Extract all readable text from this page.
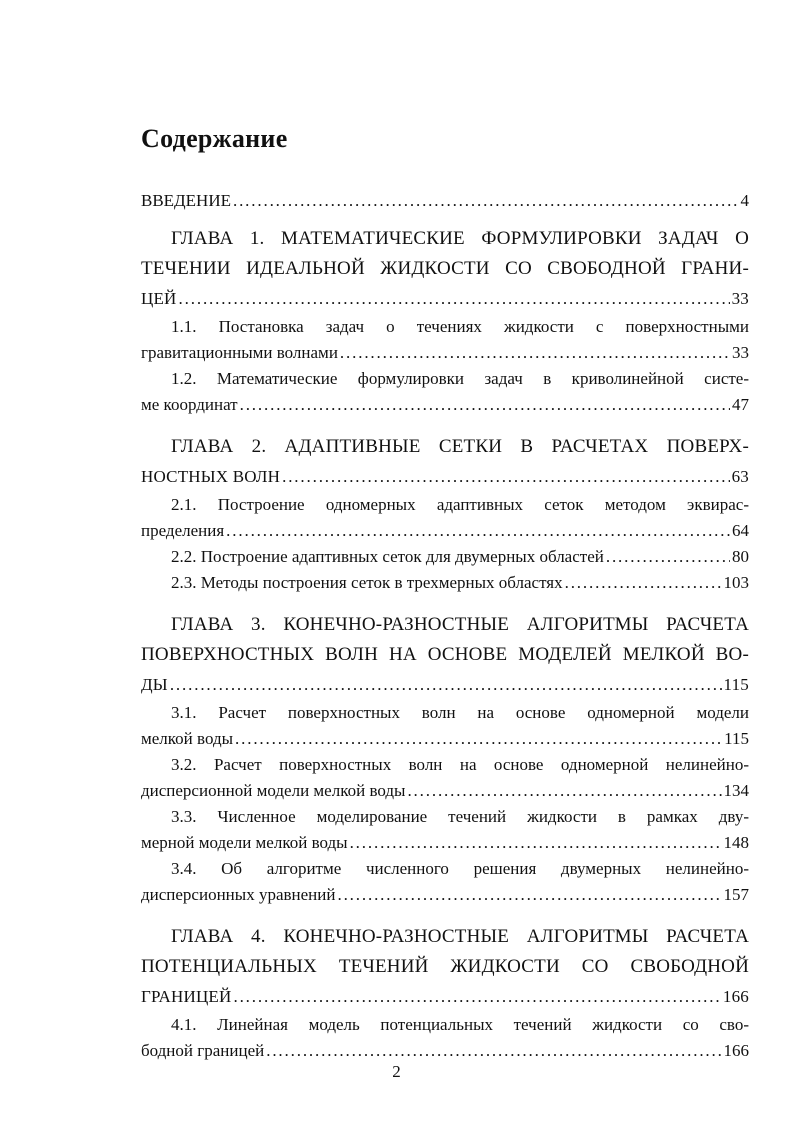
Содержание
ВВЕДЕНИЕ . . .	4
ГЛАВА 1. МАТЕМАТИЧЕСКИЕ ФОРМУЛИРОВКИ ЗАДАЧ О
ТЕЧЕНИИ ИДЕАЛЬНОЙ ЖИДКОСТИ СО СВОБОДНОЙ ГРАНИ-
ЦЕЙ . . .	33
1.1. Постановка задач о течениях жидкости с поверхностными
гравитационными волнами . . .	33
1.2. Математические формулировки задач в криволинейной систе-
ме координат . . .	47
ГЛАВА 2. АДАПТИВНЫЕ СЕТКИ В РАСЧЕТАХ ПОВЕРХ-
НОСТНЫХ ВОЛН . . .	63
2.1. Построение одномерных адаптивных сеток методом эквирас-
пределения . . .	64
2.2. Построение адаптивных сеток для двумерных областей . . .	80
2.3. Методы построения сеток в трехмерных областях . . .	103
ГЛАВА 3. КОНЕЧНО-РАЗНОСТНЫЕ АЛГОРИТМЫ РАСЧЕТА
ПОВЕРХНОСТНЫХ ВОЛН НА ОСНОВЕ МОДЕЛЕЙ МЕЛКОЙ ВО-
ДЫ . . .	115
3.1. Расчет поверхностных волн на основе одномерной модели
мелкой воды . . .	115
3.2. Расчет поверхностных волн на основе одномерной нелинейно-
дисперсионной модели мелкой воды . . .	134
3.3. Численное моделирование течений жидкости в рамках дву-
мерной модели мелкой воды . . .	148
3.4. Об алгоритме численного решения двумерных нелинейно-
дисперсионных уравнений . . .	157
ГЛАВА 4. КОНЕЧНО-РАЗНОСТНЫЕ АЛГОРИТМЫ РАСЧЕТА
ПОТЕНЦИАЛЬНЫХ ТЕЧЕНИЙ ЖИДКОСТИ СО СВОБОДНОЙ
ГРАНИЦЕЙ . . .	166
4.1. Линейная модель потенциальных течений жидкости со сво-
бодной границей . . .	166
2
